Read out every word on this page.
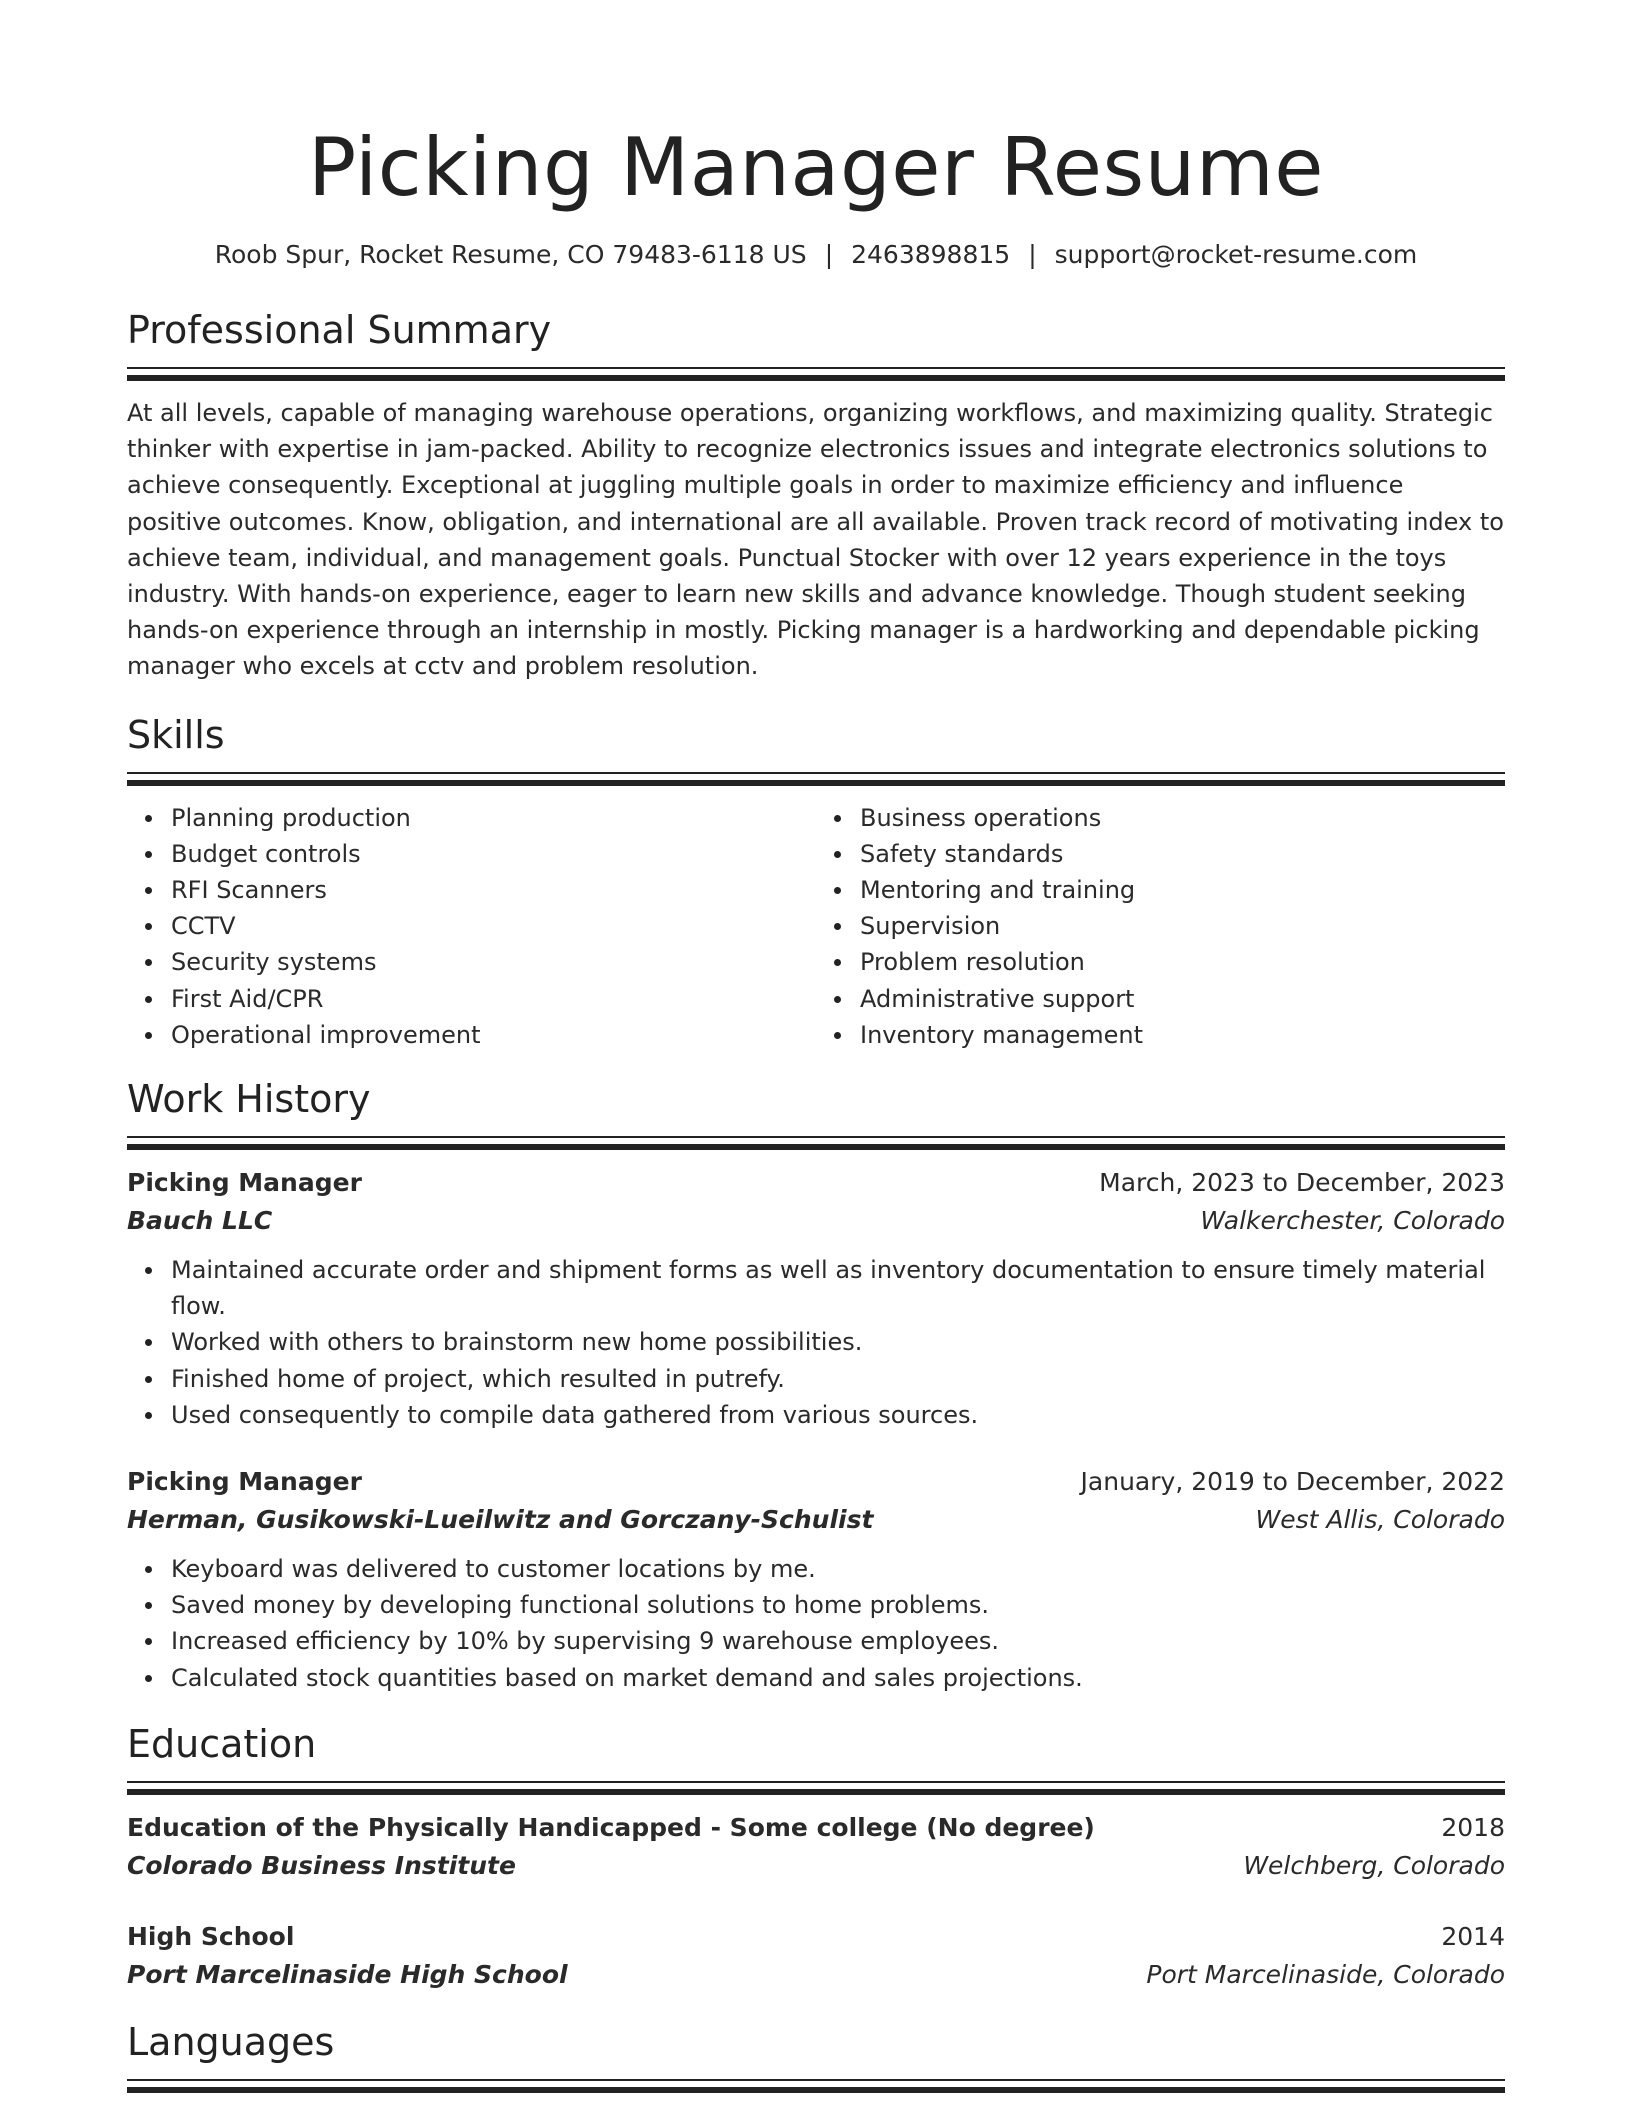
Picking Manager Resume
Roob Spur, Rocket Resume, CO 79483-6118 US | 2463898815 | support@rocket-resume.com
Professional Summary

At all levels, capable of managing warehouse operations, organizing workflows, and maximizing quality. Strategic thinker with expertise in jam-packed. Ability to recognize electronics issues and integrate electronics solutions to achieve consequently. Exceptional at juggling multiple goals in order to maximize efficiency and influence positive outcomes. Know, obligation, and international are all available. Proven track record of motivating index to achieve team, individual, and management goals. Punctual Stocker with over 12 years experience in the toys industry. With hands-on experience, eager to learn new skills and advance knowledge. Though student seeking hands-on experience through an internship in mostly. Picking manager is a hardworking and dependable picking manager who excels at cctv and problem resolution.

Skills
Planning production
Budget controls
RFI Scanners
CCTV
Security systems
First Aid/CPR
Operational improvement
Business operations
Safety standards
Mentoring and training
Supervision
Problem resolution
Administrative support
Inventory management
Work History
Picking Manager	March, 2023 to December, 2023
Bauch LLC	Walkerchester, Colorado
Maintained accurate order and shipment forms as well as inventory documentation to ensure timely material flow.
Worked with others to brainstorm new home possibilities.
Finished home of project, which resulted in putrefy.
Used consequently to compile data gathered from various sources.
Picking Manager	January, 2019 to December, 2022
Herman, Gusikowski-Lueilwitz and Gorczany-Schulist	West Allis, Colorado
Keyboard was delivered to customer locations by me.
Saved money by developing functional solutions to home problems.
Increased efficiency by 10% by supervising 9 warehouse employees.
Calculated stock quantities based on market demand and sales projections.
Education
Education of the Physically Handicapped - Some college (No degree)	2018
Colorado Business Institute	Welchberg, Colorado
High School	2014
Port Marcelinaside High School	Port Marcelinaside, Colorado
Languages
